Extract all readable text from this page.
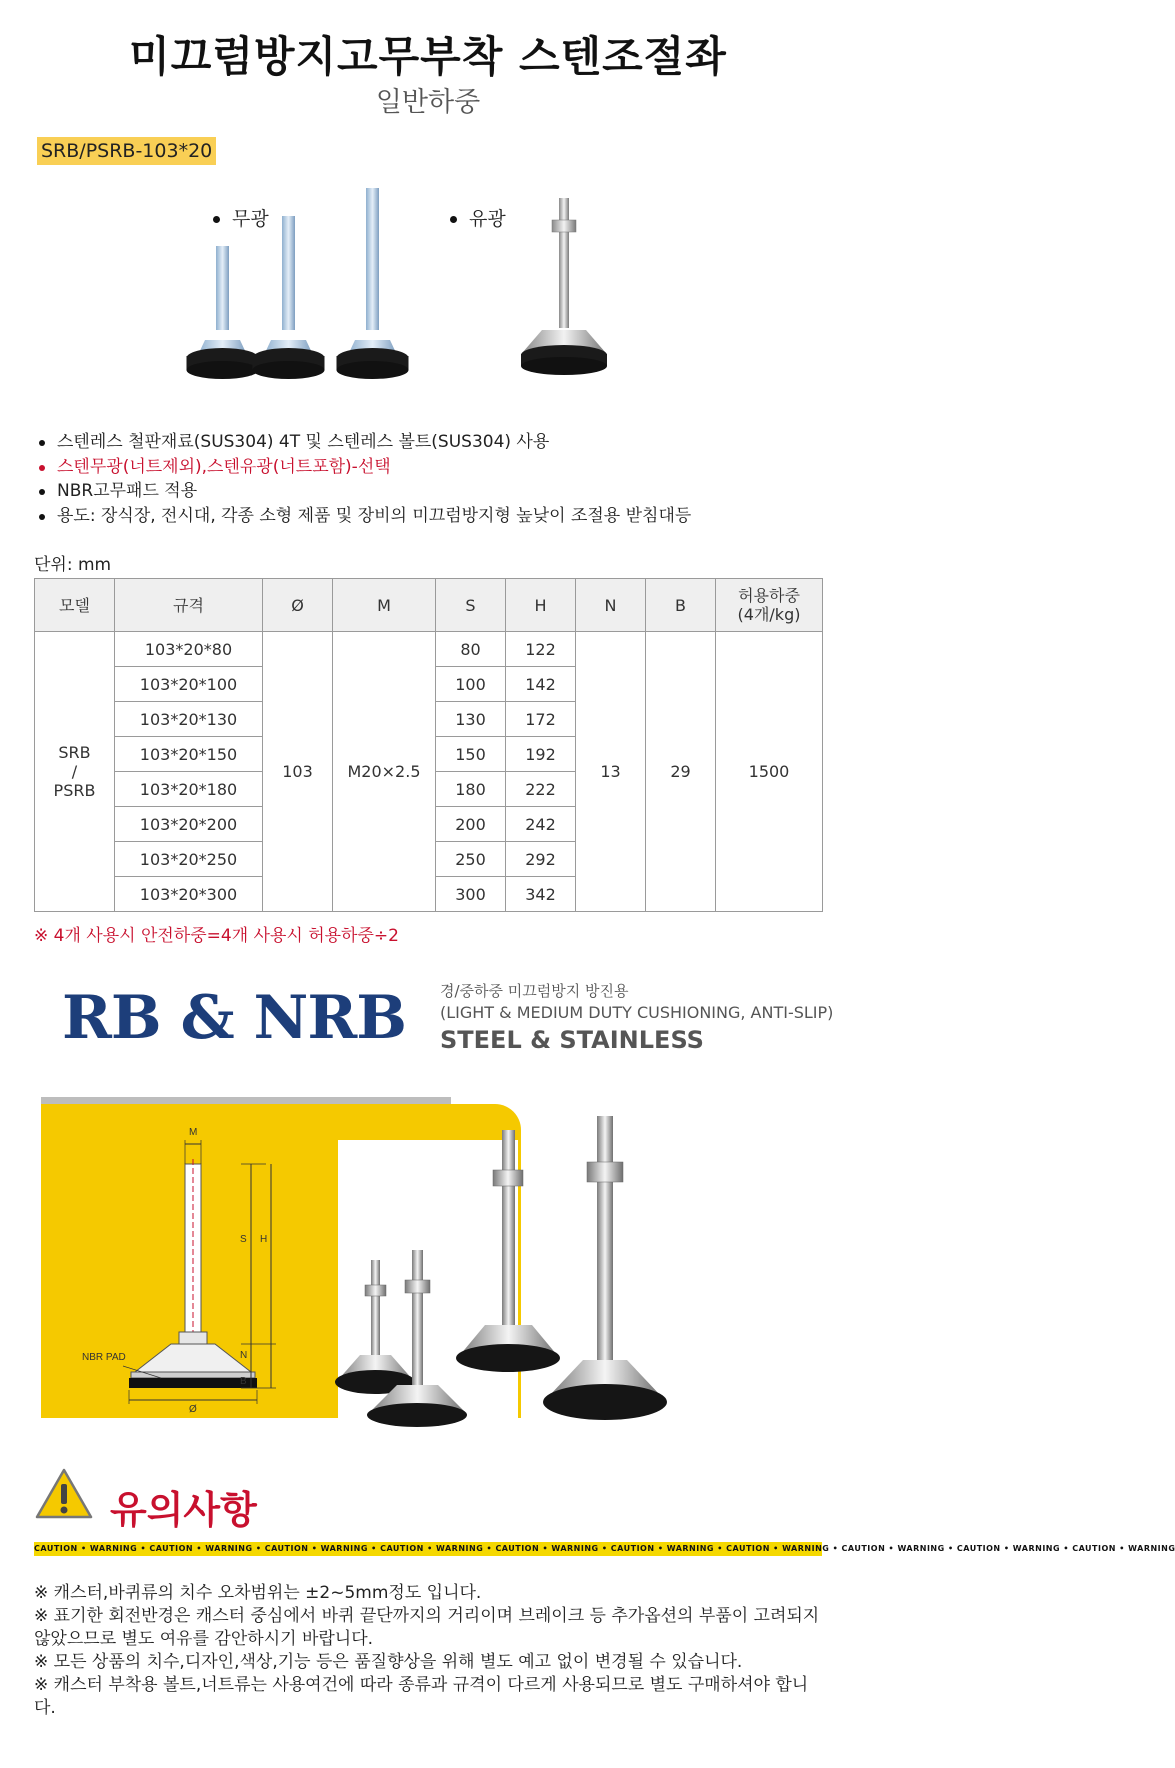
미끄럼방지고무부착 스텐조절좌
일반하중
SRB/PSRB-103*20
무광	유광
스텐레스 철판재료(SUS304) 4T 및 스텐레스 볼트(SUS304) 사용
스텐무광(너트제외),스텐유광(너트포함)-선택
NBR고무패드 적용
용도: 장식장, 전시대, 각종 소형 제품 및 장비의 미끄럼방지형 높낮이 조절용 받침대등
단위: mm
모델	규격	Ø	M	S	H	N	B	허용하중
(4개/kg)
SRB
/
PSRB	103*20*80	103	M20×2.5	80	122	13	29	1500
	103*20*100			100	142			
	103*20*130			130	172			
	103*20*150			150	192			
	103*20*180			180	222			
	103*20*200			200	242			
	103*20*250			250	292			
	103*20*300			300	342			
※ 4개 사용시 안전하중=4개 사용시 허용하중÷2
RB & NRB 경/중하중 미끄럼방지 방진용
(LIGHT & MEDIUM DUTY CUSHIONING, ANTI-SLIP)
STEEL & STAINLESS
M
S H
N
B
Ø
NBR PAD
유의사항
CAUTION • WARNING • CAUTION • WARNING • CAUTION • WARNING • CAUTION • WARNING • CAUTION • WARNING • CAUTION • WARNING • CAUTION • WARNING • CAUTION • WARNING • CAUTION • WARNING • CAUTION • WARNING
※ 캐스터,바퀴류의 치수 오차범위는 ±2~5mm정도 입니다.
※ 표기한 회전반경은 캐스터 중심에서 바퀴 끝단까지의 거리이며 브레이크 등 추가옵션의 부품이 고려되지 않았으므로 별도 여유를 감안하시기 바랍니다.
※ 모든 상품의 치수,디자인,색상,기능 등은 품질향상을 위해 별도 예고 없이 변경될 수 있습니다.
※ 캐스터 부착용 볼트,너트류는 사용여건에 따라 종류과 규격이 다르게 사용되므로 별도 구매하셔야 합니다.
